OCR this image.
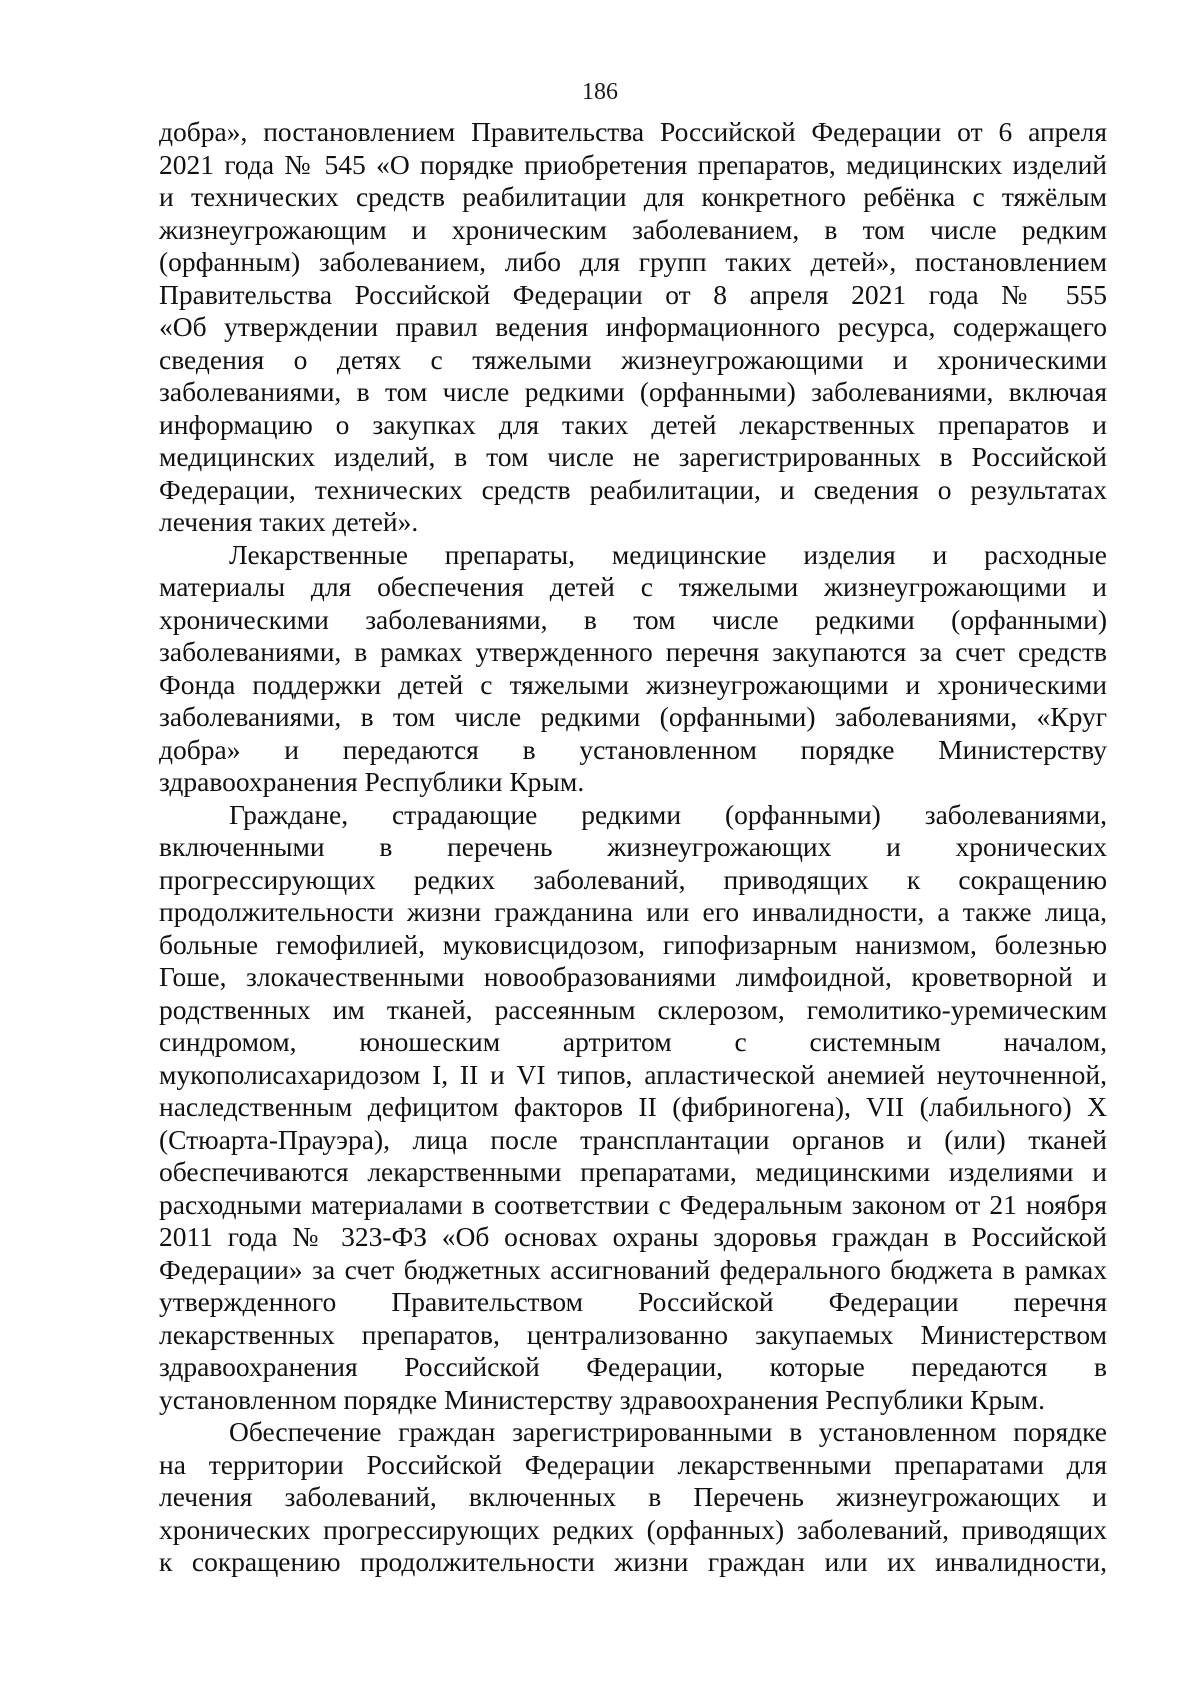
186
добра», постановлением Правительства Российской Федерации от 6 апреля
2021 года № 545 «О порядке приобретения препаратов, медицинских изделий
и технических средств реабилитации для конкретного ребёнка с тяжёлым
жизнеугрожающим и хроническим заболеванием, в том числе редким
(орфанным) заболеванием, либо для групп таких детей», постановлением
Правительства Российской Федерации от 8 апреля 2021 года № 555
«Об утверждении правил ведения информационного ресурса, содержащего
сведения о детях с тяжелыми жизнеугрожающими и хроническими
заболеваниями, в том числе редкими (орфанными) заболеваниями, включая
информацию о закупках для таких детей лекарственных препаратов и
медицинских изделий, в том числе не зарегистрированных в Российской
Федерации, технических средств реабилитации, и сведения о результатах
лечения таких детей».
Лекарственные препараты, медицинские изделия и расходные
материалы для обеспечения детей с тяжелыми жизнеугрожающими и
хроническими заболеваниями, в том числе редкими (орфанными)
заболеваниями, в рамках утвержденного перечня закупаются за счет средств
Фонда поддержки детей с тяжелыми жизнеугрожающими и хроническими
заболеваниями, в том числе редкими (орфанными) заболеваниями, «Круг
добра» и передаются в установленном порядке Министерству
здравоохранения Республики Крым.
Граждане, страдающие редкими (орфанными) заболеваниями,
включенными в перечень жизнеугрожающих и хронических
прогрессирующих редких заболеваний, приводящих к сокращению
продолжительности жизни гражданина или его инвалидности, а также лица,
больные гемофилией, муковисцидозом, гипофизарным нанизмом, болезнью
Гоше, злокачественными новообразованиями лимфоидной, кроветворной и
родственных им тканей, рассеянным склерозом, гемолитико-уремическим
синдромом, юношеским артритом с системным началом,
мукополисахаридозом I, II и VI типов, апластической анемией неуточненной,
наследственным дефицитом факторов II (фибриногена), VII (лабильного) X
(Стюарта-Прауэра), лица после трансплантации органов и (или) тканей
обеспечиваются лекарственными препаратами, медицинскими изделиями и
расходными материалами в соответствии с Федеральным законом от 21 ноября
2011 года № 323-ФЗ «Об основах охраны здоровья граждан в Российской
Федерации» за счет бюджетных ассигнований федерального бюджета в рамках
утвержденного Правительством Российской Федерации перечня
лекарственных препаратов, централизованно закупаемых Министерством
здравоохранения Российской Федерации, которые передаются в
установленном порядке Министерству здравоохранения Республики Крым.
Обеспечение граждан зарегистрированными в установленном порядке
на территории Российской Федерации лекарственными препаратами для
лечения заболеваний, включенных в Перечень жизнеугрожающих и
хронических прогрессирующих редких (орфанных) заболеваний, приводящих
к сокращению продолжительности жизни граждан или их инвалидности,
